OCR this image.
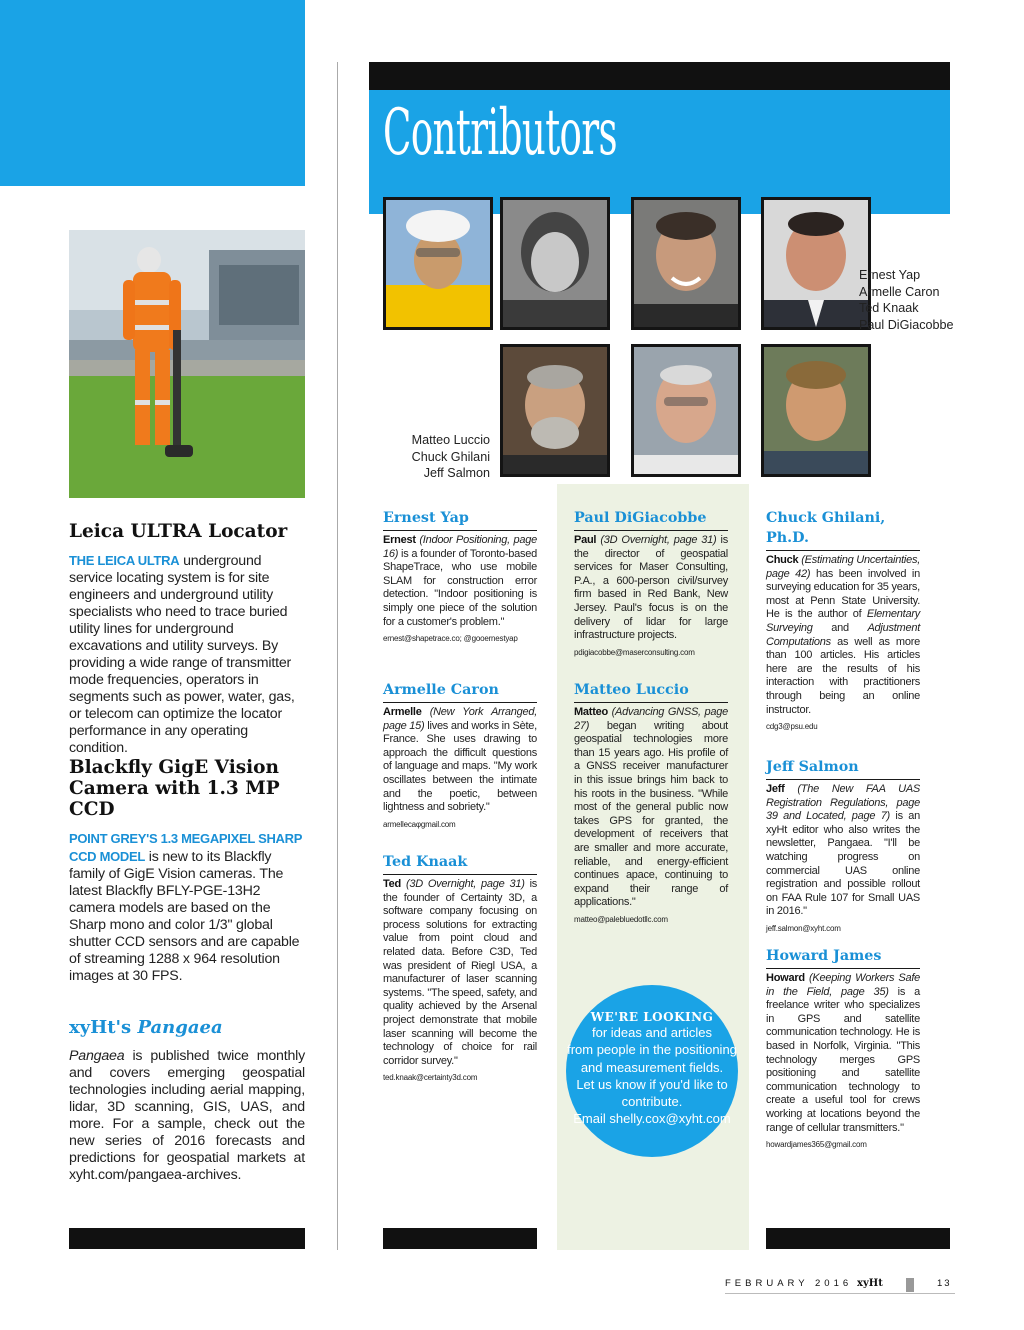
Leica ULTRA Locator
THE LEICA ULTRA underground service locating system is for site engineers and underground utility specialists who need to trace buried utility lines for underground excavations and utility surveys. By providing a wide range of transmitter mode frequencies, operators in segments such as power, water, gas, or telecom can optimize the locator performance in any operating condition.
Blackfly GigE Vision Camera with 1.3 MP CCD
POINT GREY'S 1.3 MEGAPIXEL SHARP CCD MODEL is new to its Blackfly family of GigE Vision cameras. The latest Blackfly BFLY-PGE-13H2 camera models are based on the Sharp mono and color 1/3" global shutter CCD sensors and are capable of streaming 1288 x 964 resolution images at 30 FPS.
xyHt's Pangaea
Pangaea is published twice monthly and covers emerging geospatial technologies including aerial mapping, lidar, 3D scanning, GIS, UAS, and more. For a sample, check out the new series of 2016 forecasts and predictions for geospatial markets at xyht.com/pangaea-archives.
Contributors
Ernest Yap
Armelle Caron
Ted Knaak
Paul DiGiacobbe
Matteo Luccio
Chuck Ghilani
Jeff Salmon
Ernest Yap
Ernest (Indoor Positioning, page 16) is a founder of Toronto-based ShapeTrace, who use mobile SLAM for construction error detection. "Indoor positioning is simply one piece of the solution for a customer's problem."
ernest@shapetrace.co; @gooernestyap
Armelle Caron
Armelle (New York Arranged, page 15) lives and works in Sète, France. She uses drawing to approach the difficult questions of language and maps. "My work oscillates between the intimate and the poetic, between lightness and sobriety."
armellecaφgmail.com
Ted Knaak
Ted (3D Overnight, page 31) is the founder of Certainty 3D, a software company focusing on process solutions for extracting value from point cloud and related data. Before C3D, Ted was president of Riegl USA, a manufacturer of laser scanning systems. "The speed, safety, and quality achieved by the Arsenal project demonstrate that mobile laser scanning will become the technology of choice for rail corridor survey."
ted.knaak@certainty3d.com
Paul DiGiacobbe
Paul (3D Overnight, page 31) is the director of geospatial services for Maser Consulting, P.A., a 600-person civil/survey firm based in Red Bank, New Jersey. Paul's focus is on the delivery of lidar for large infrastructure projects.
pdigiacobbe@maserconsulting.com
Matteo Luccio
Matteo (Advancing GNSS, page 27) began writing about geospatial technologies more than 15 years ago. His profile of a GNSS receiver manufacturer in this issue brings him back to his roots in the business. "While most of the general public now takes GPS for granted, the development of receivers that are smaller and more accurate, reliable, and energy-efficient continues apace, continuing to expand their range of applications."
matteo@palebluedotllc.com
WE'RE LOOKING
for ideas and articles
from people in the positioning
and measurement fields.
Let us know if you'd like to
contribute.
Email shelly.cox@xyht.com
Chuck Ghilani, Ph.D.
Chuck (Estimating Uncertainties, page 42) has been involved in surveying education for 35 years, most at Penn State University. He is the author of Elementary Surveying and Adjustment Computations as well as more than 100 articles. His articles here are the results of his interaction with practitioners through being an online instructor.
cdg3@psu.edu
Jeff Salmon
Jeff (The New FAA UAS Registration Regulations, page 39 and Located, page 7) is an xyHt editor who also writes the newsletter, Pangaea. "I'll be watching progress on commercial UAS online registration and possible rollout on FAA Rule 107 for Small UAS in 2016."
jeff.salmon@xyht.com
Howard James
Howard (Keeping Workers Safe in the Field, page 35) is a freelance writer who specializes in GPS and satellite communication technology. He is based in Norfolk, Virginia. "This technology merges GPS positioning and satellite communication technology to create a useful tool for crews working at locations beyond the range of cellular transmitters."
howardjames365@gmail.com
FEBRUARY 2016 xyHt	13
